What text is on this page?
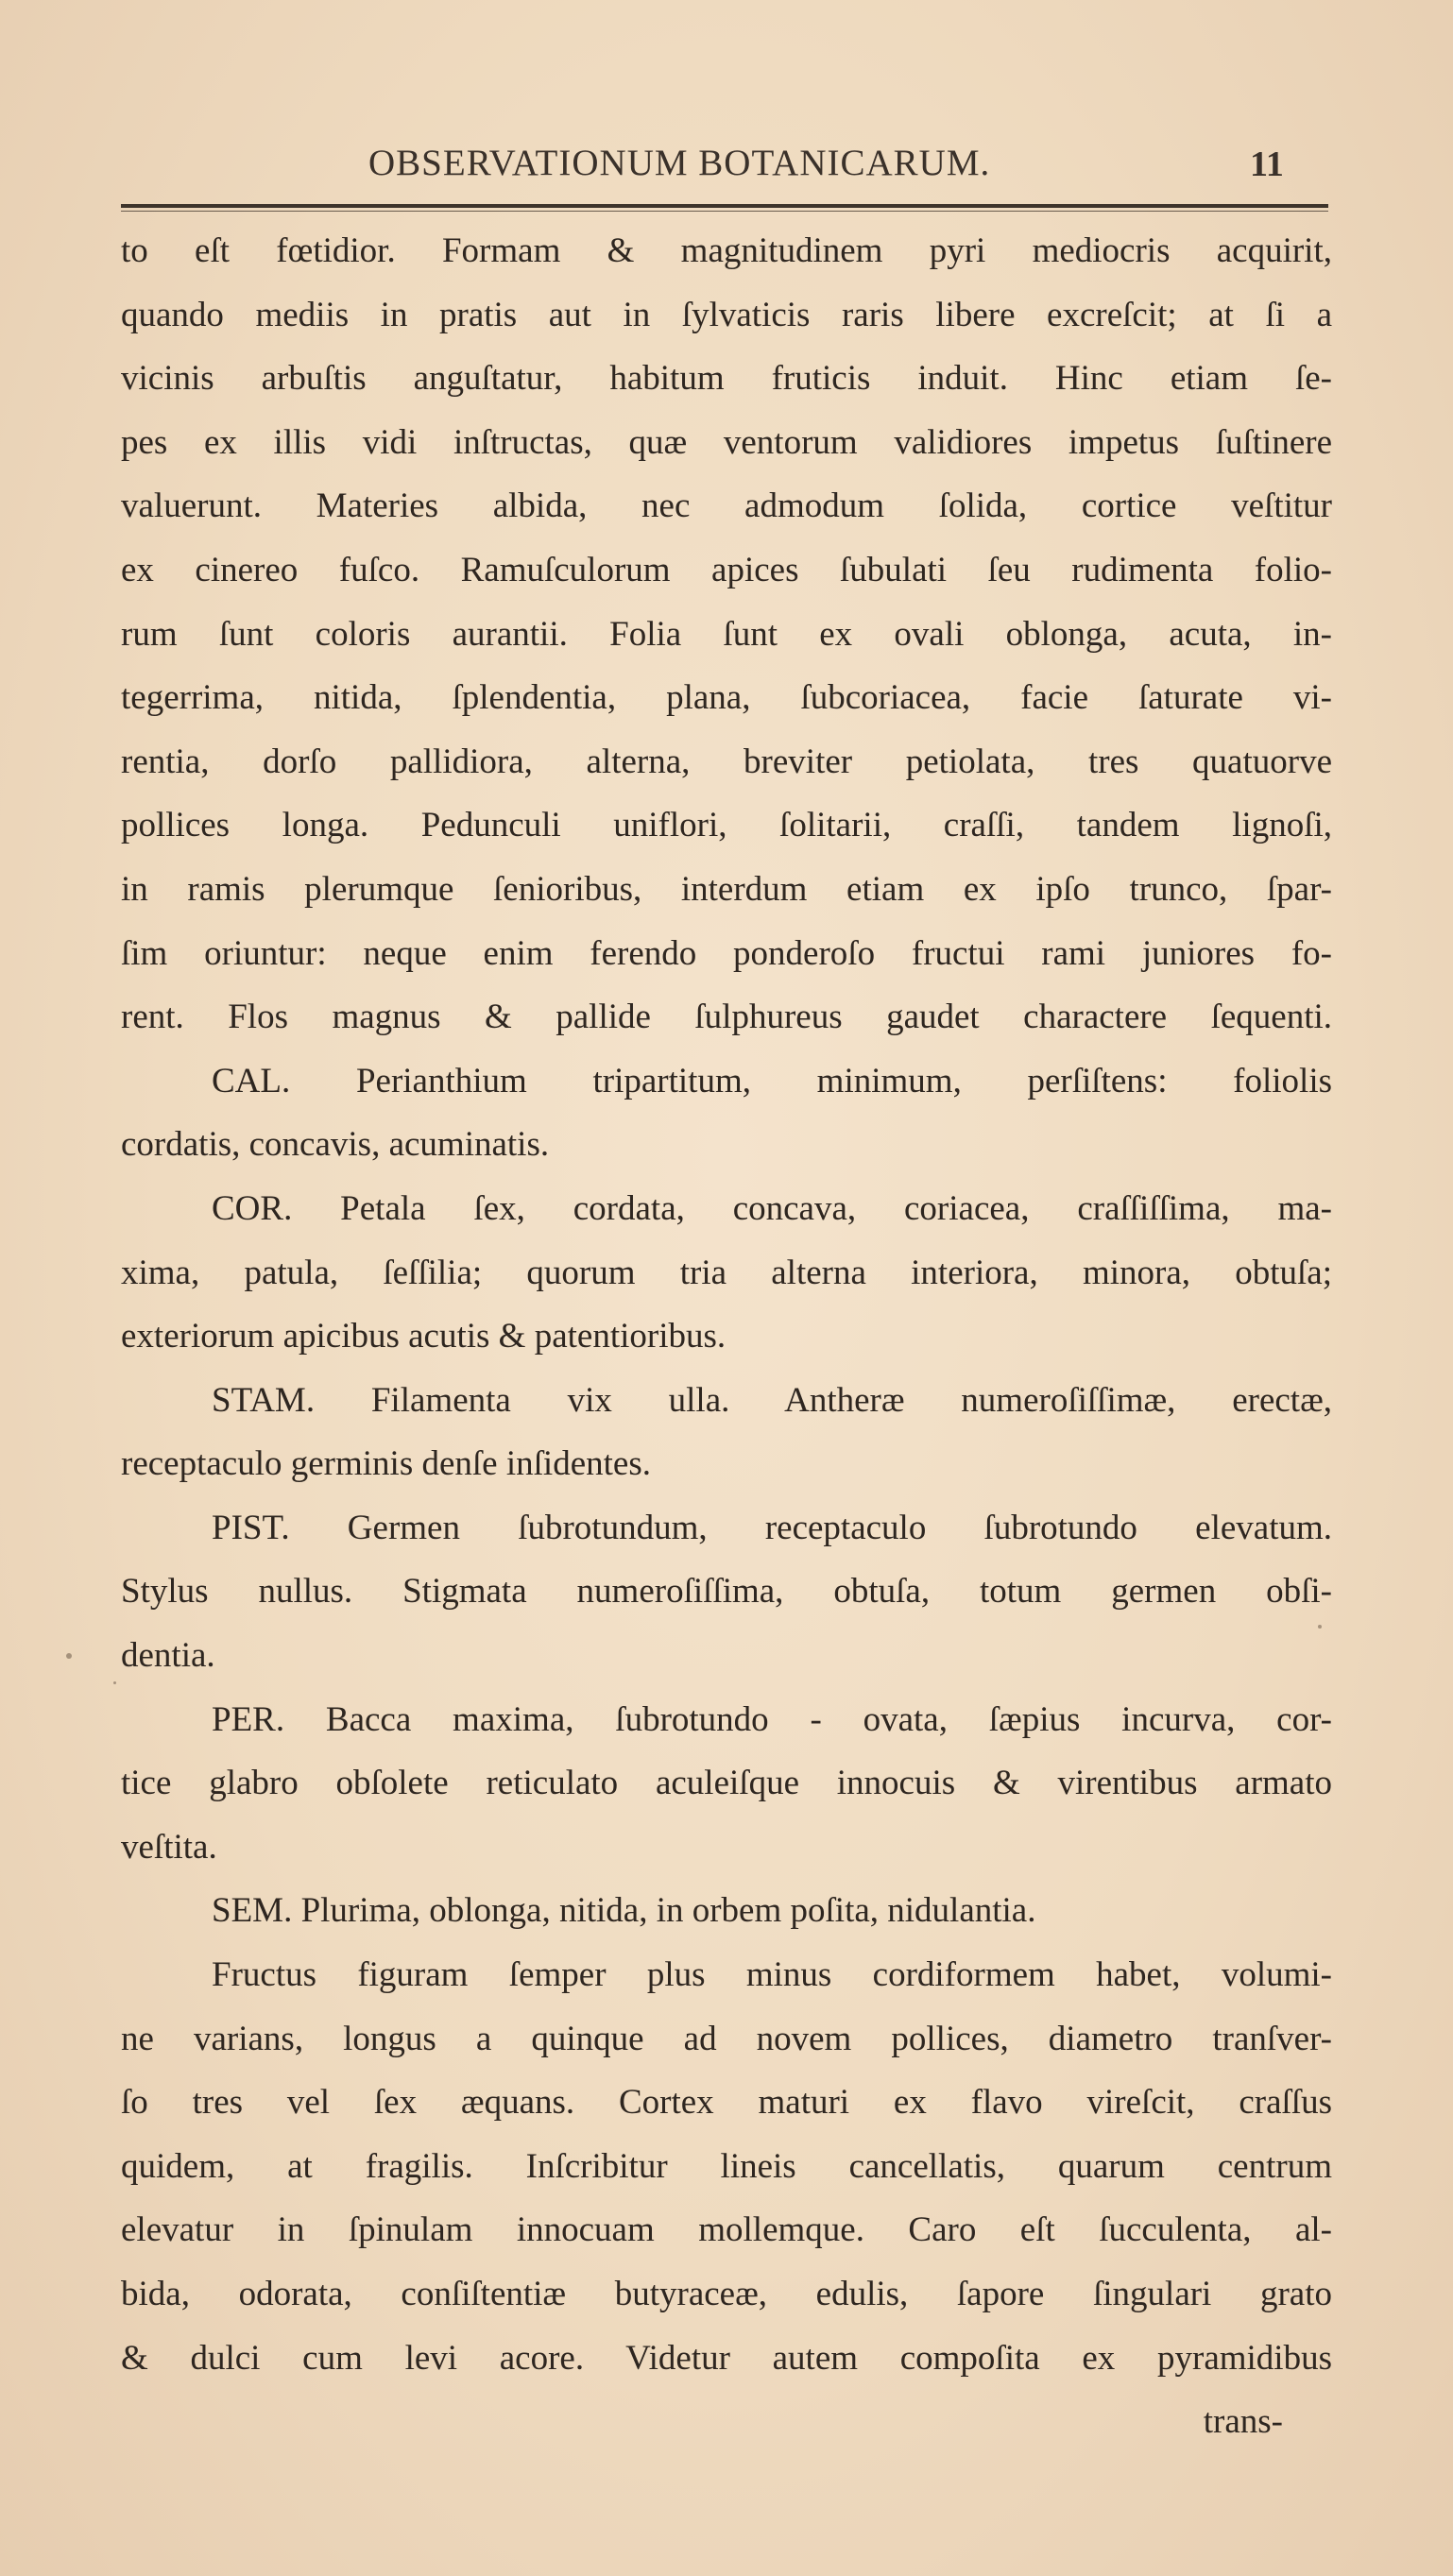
OBSERVATIONUM BOTANICARUM.	11
to eſt fœtidior. Formam & magnitudinem pyri mediocris acquirit,
quando mediis in pratis aut in ſylvaticis raris libere excreſcit; at ſi a
vicinis arbuſtis anguſtatur, habitum fruticis induit. Hinc etiam ſe-
pes ex illis vidi inſtructas, quæ ventorum validiores impetus ſuſtinere
valuerunt. Materies albida, nec admodum ſolida, cortice veſtitur
ex cinereo fuſco. Ramuſculorum apices ſubulati ſeu rudimenta folio-
rum ſunt coloris aurantii. Folia ſunt ex ovali oblonga, acuta, in-
tegerrima, nitida, ſplendentia, plana, ſubcoriacea, facie ſaturate vi-
rentia, dorſo pallidiora, alterna, breviter petiolata, tres quatuorve
pollices longa. Pedunculi uniflori, ſolitarii, craſſi, tandem lignoſi,
in ramis plerumque ſenioribus, interdum etiam ex ipſo trunco, ſpar-
ſim oriuntur: neque enim ferendo ponderoſo fructui rami juniores fo-
rent. Flos magnus & pallide ſulphureus gaudet charactere ſequenti.
CAL. Perianthium tripartitum, minimum, perſiſtens: foliolis
cordatis, concavis, acuminatis.
COR. Petala ſex, cordata, concava, coriacea, craſſiſſima, ma-
xima, patula, ſeſſilia; quorum tria alterna interiora, minora, obtuſa;
exteriorum apicibus acutis & patentioribus.
STAM. Filamenta vix ulla. Antheræ numeroſiſſimæ, erectæ,
receptaculo germinis denſe inſidentes.
PIST. Germen ſubrotundum, receptaculo ſubrotundo elevatum.
Stylus nullus. Stigmata numeroſiſſima, obtuſa, totum germen obſi-
dentia.
PER. Bacca maxima, ſubrotundo - ovata, ſæpius incurva, cor-
tice glabro obſolete reticulato aculeiſque innocuis & virentibus armato
veſtita.
SEM. Plurima, oblonga, nitida, in orbem poſita, nidulantia.
Fructus figuram ſemper plus minus cordiformem habet, volumi-
ne varians, longus a quinque ad novem pollices, diametro tranſver-
ſo tres vel ſex æquans. Cortex maturi ex flavo vireſcit, craſſus
quidem, at fragilis. Inſcribitur lineis cancellatis, quarum centrum
elevatur in ſpinulam innocuam mollemque. Caro eſt ſucculenta, al-
bida, odorata, conſiſtentiæ butyraceæ, edulis, ſapore ſingulari grato
& dulci cum levi acore. Videtur autem compoſita ex pyramidibus
trans-
